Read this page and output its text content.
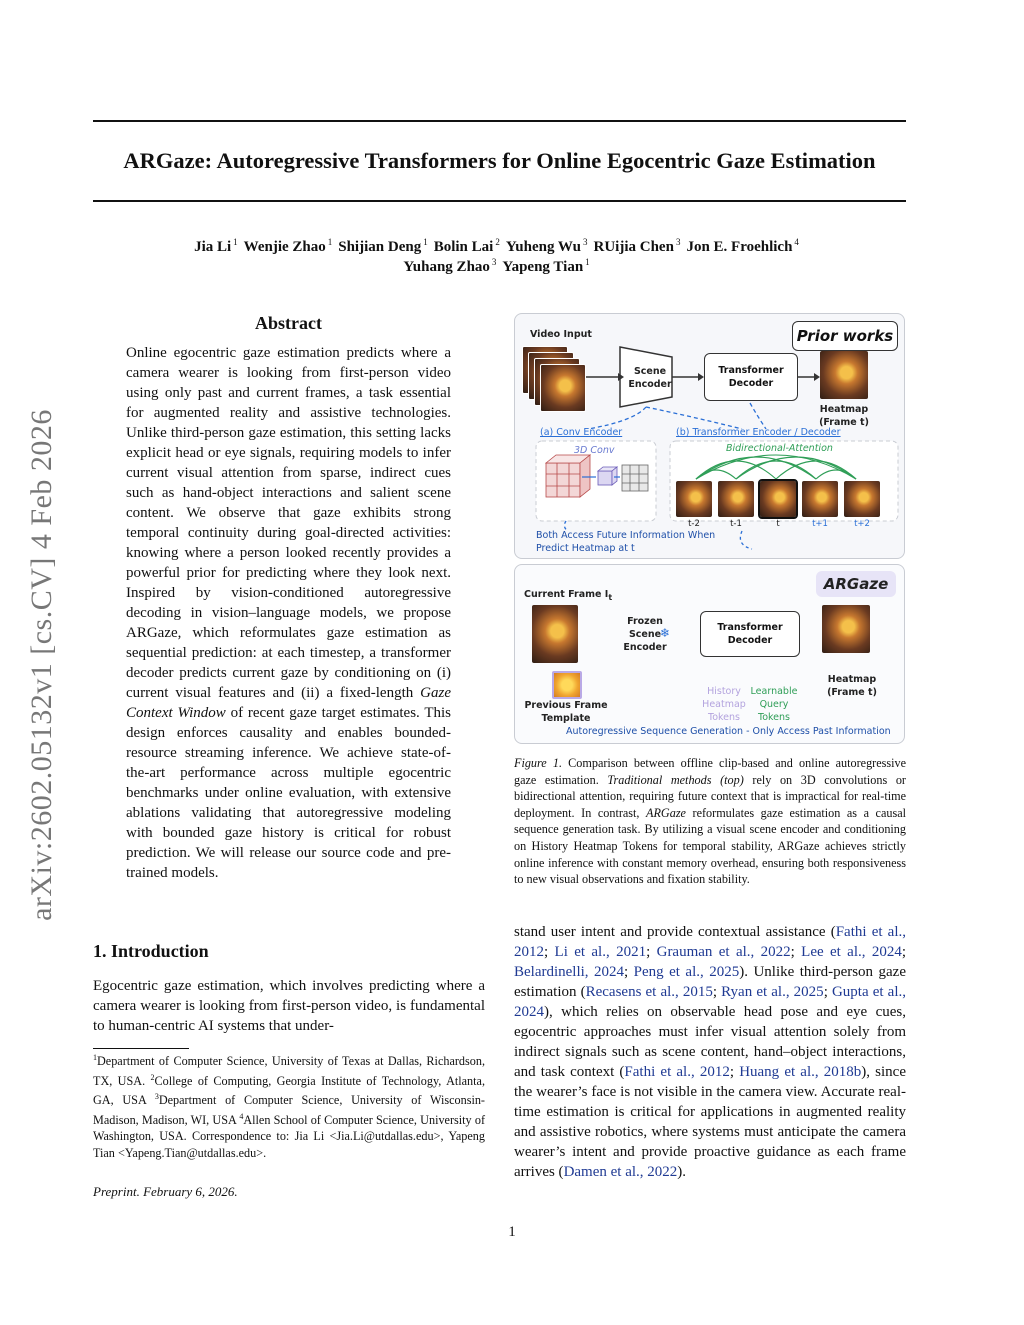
ARGaze: Autoregressive Transformers for Online Egocentric Gaze Estimation
Jia Li $^1$ Wenjie Zhao $^1$ Shijian Deng $^1$ Bolin Lai $^2$ Yuheng Wu $^3$ RUijia Chen $^3$ Jon E. Froehlich $^4$
Yuhang Zhao $^3$ Yapeng Tian $^1$
arXiv:2602.05132v1 [cs.CV] 4 Feb 2026
Abstract
Online egocentric gaze estimation predicts where a camera wearer is looking from first-person video using only past and current frames, a task essential for augmented reality and assistive technologies. Unlike third-person gaze estimation, this setting lacks explicit head or eye signals, requiring models to infer current visual attention from sparse, indirect cues such as hand-object interactions and salient scene content. We observe that gaze exhibits strong temporal continuity during goal-directed activities: knowing where a person looked recently provides a powerful prior for predicting where they look next. Inspired by vision-conditioned autoregressive decoding in vision–language models, we propose ARGaze, which reformulates gaze estimation as sequential prediction: at each timestep, a transformer decoder predicts current gaze by conditioning on (i) current visual features and (ii) a fixed-length Gaze Context Window of recent gaze target estimates. This design enforces causality and enables bounded-resource streaming inference. We achieve state-of-the-art performance across multiple egocentric benchmarks under online evaluation, with extensive ablations validating that autoregressive modeling with bounded gaze history is critical for robust prediction. We will release our source code and pre-trained models.
1. Introduction
Egocentric gaze estimation, which involves predicting where a camera wearer is looking from first-person video, is fundamental to human-centric AI systems that under-
$^1$Department of Computer Science, University of Texas at Dallas, Richardson, TX, USA. $^2$College of Computing, Georgia Institute of Technology, Atlanta, GA, USA $^3$Department of Computer Science, University of Wisconsin-Madison, Madison, WI, USA $^4$Allen School of Computer Science, University of Washington, USA. Correspondence to: Jia Li <Jia.Li@utdallas.edu>, Yapeng Tian <Yapeng.Tian@utdallas.edu>.
Preprint. February 6, 2026.
stand user intent and provide contextual assistance (Fathi et al., 2012; Li et al., 2021; Grauman et al., 2022; Lee et al., 2024; Belardinelli, 2024; Peng et al., 2025). Unlike third-person gaze estimation (Recasens et al., 2015; Ryan et al., 2025; Gupta et al., 2024), which relies on observable head pose and eye cues, egocentric approaches must infer visual attention solely from indirect signals such as scene content, hand–object interactions, and task context (Fathi et al., 2012; Huang et al., 2018b), since the wearer’s face is not visible in the camera view. Accurate real-time estimation is critical for applications in augmented reality and assistive robotics, where systems must anticipate the camera wearer’s intent and provide proactive guidance as each frame arrives (Damen et al., 2022).
Figure 1. Comparison between offline clip-based and online autoregressive gaze estimation. Traditional methods (top) rely on 3D convolutions or bidirectional attention, requiring future context that is impractical for real-time deployment. In contrast, ARGaze reformulates gaze estimation as a causal sequence generation task. By utilizing a visual scene encoder and conditioning on History Heatmap Tokens for temporal stability, ARGaze achieves strictly online inference with constant memory overhead, ensuring both responsiveness to new visual observations and fixation stability.
1
Prior works
Video Input
Scene Encoder
Transformer Decoder
Heatmap (Frame t)
(a) Conv Encoder	(b) Transformer Encoder / Decoder
3D Conv	Bidirectional-Attention
t-2	t-1	t	t+1	t+2
Both Access Future Information When Predict Heatmap at t
ARGaze
Current Frame $I_t$
Frozen Scene Encoder
❄	Transformer Decoder
Heatmap (Frame t)
Previous Frame Template
History Heatmap Tokens
Learnable Query Tokens
Autoregressive Sequence Generation - Only Access Past Information
